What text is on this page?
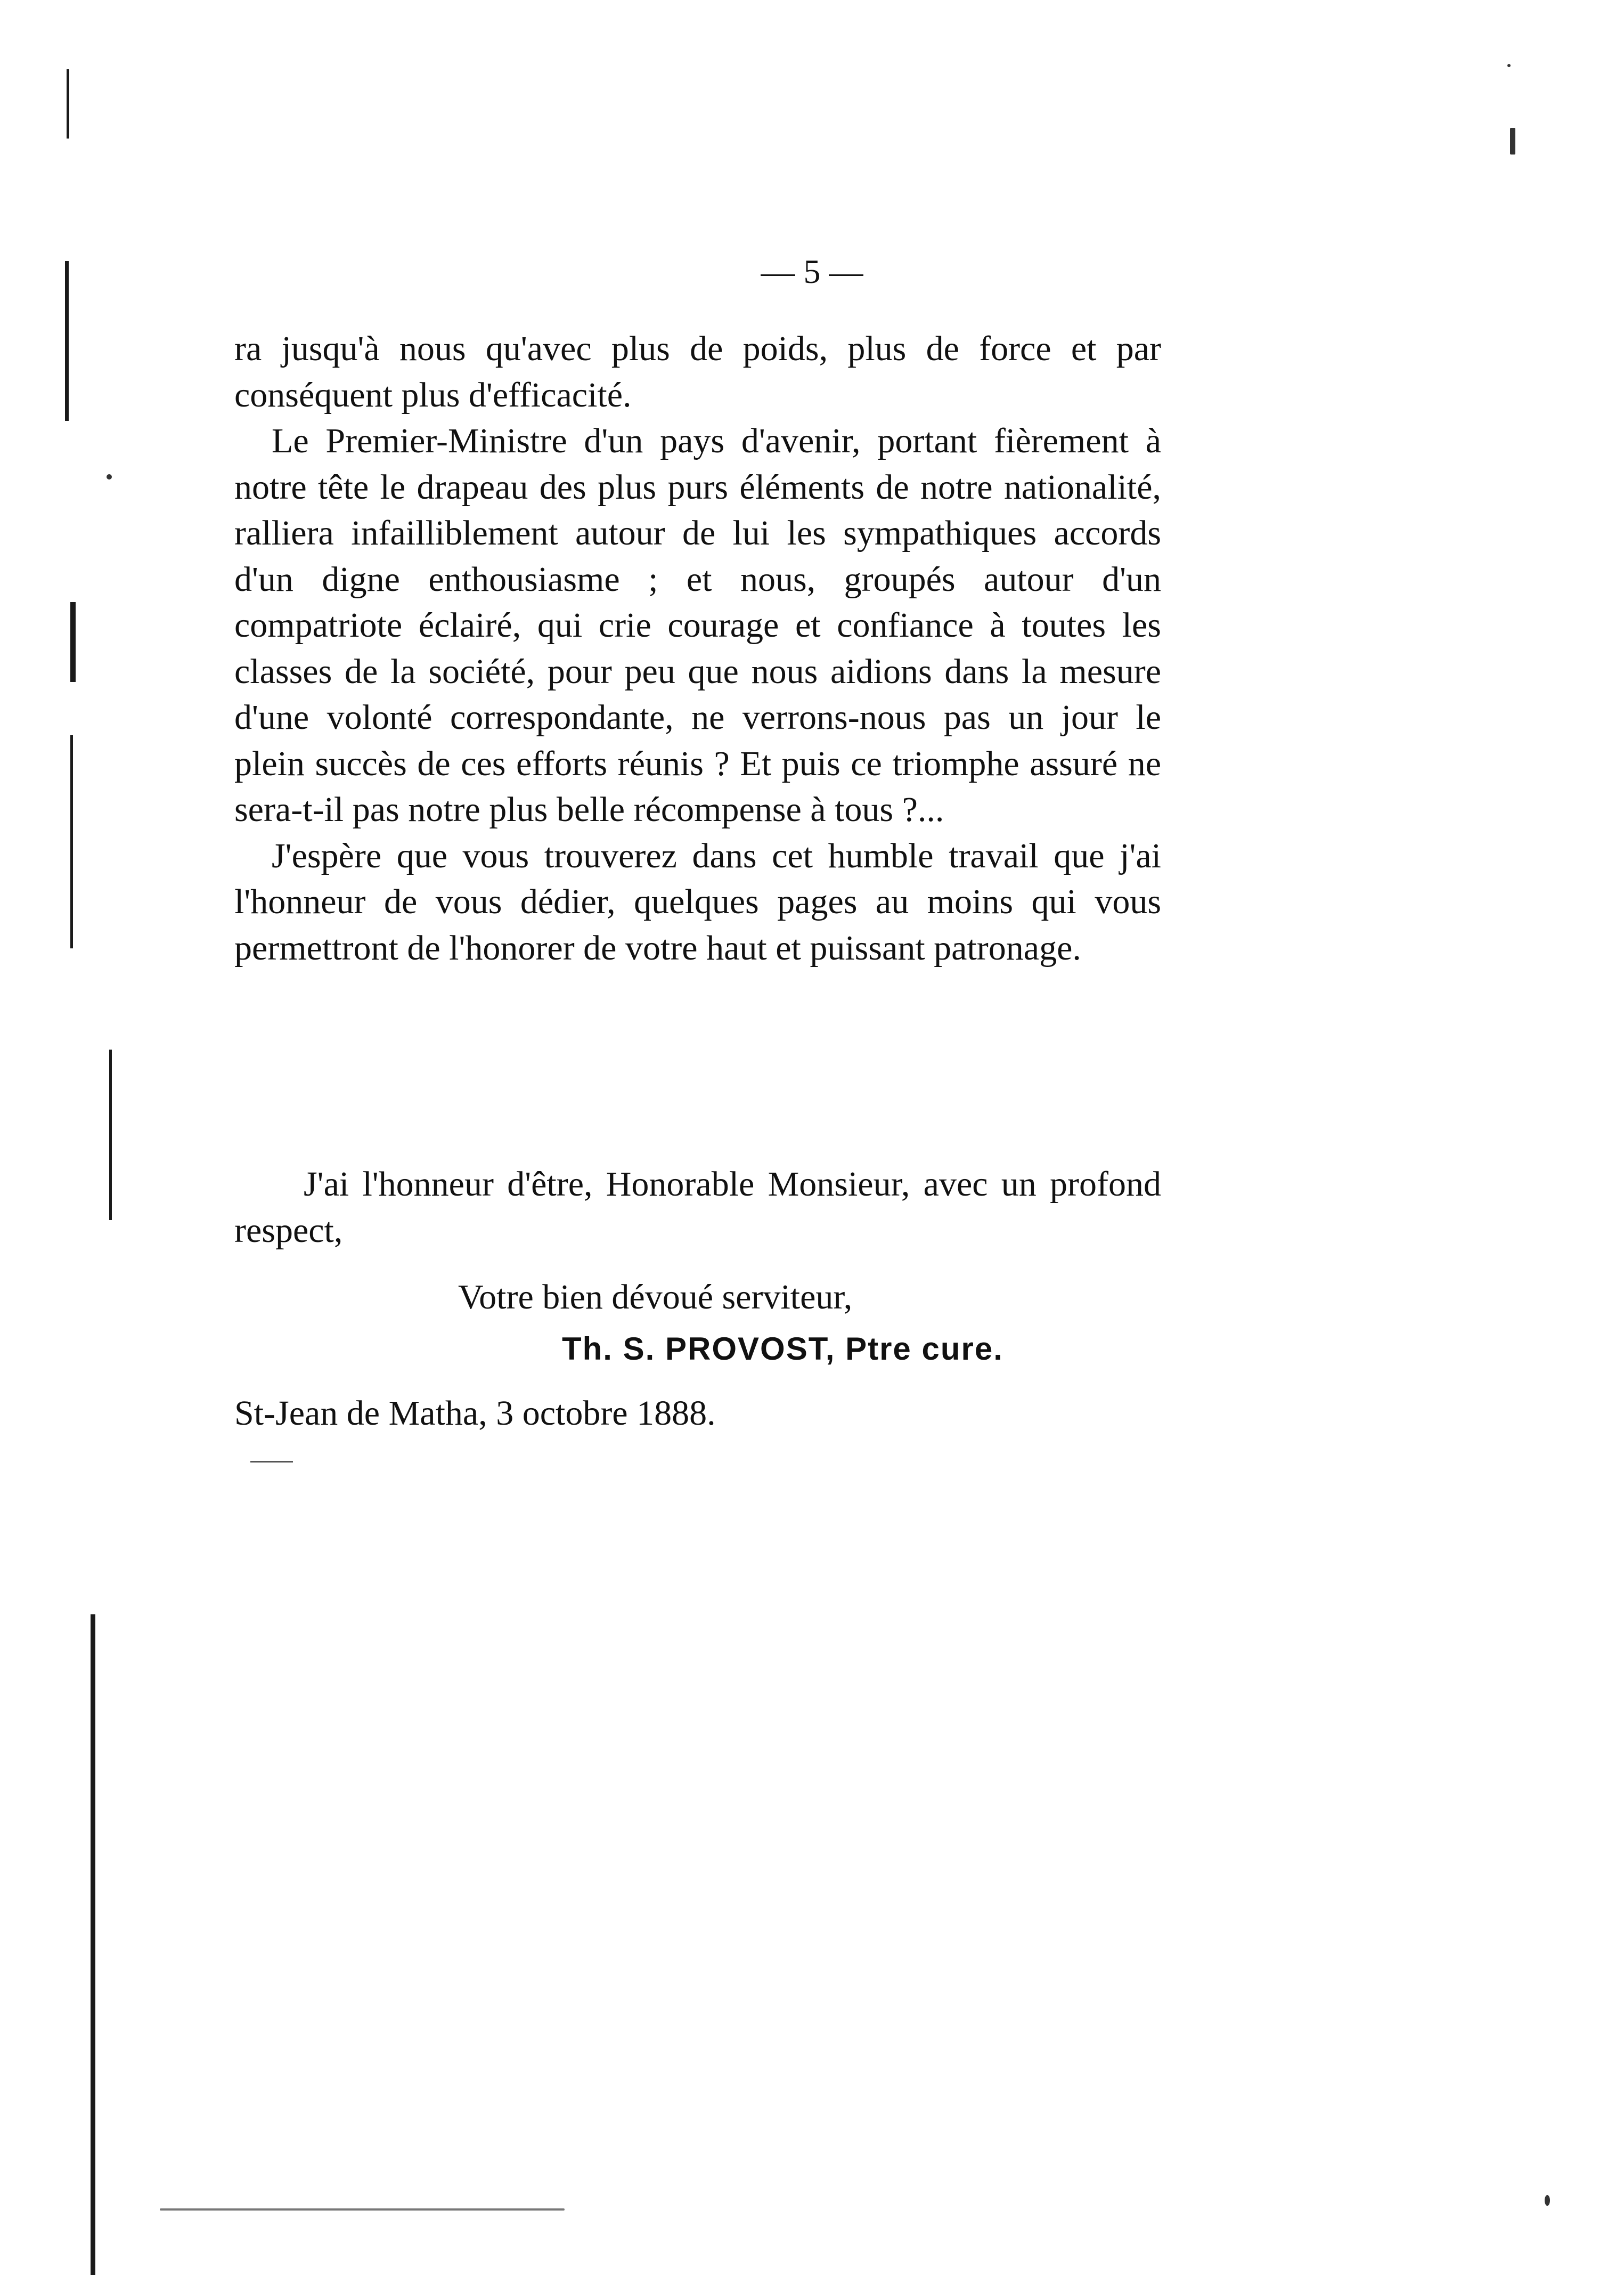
— 5 —

ra jusqu'à nous qu'avec plus de poids, plus de force et par conséquent plus d'efficacité.

Le Premier-Ministre d'un pays d'avenir, portant fièrement à notre tête le drapeau des plus purs éléments de notre nationalité, ralliera infailliblement autour de lui les sympathiques accords d'un digne enthousiasme ; et nous, groupés autour d'un compatriote éclairé, qui crie courage et confiance à toutes les classes de la société, pour peu que nous aidions dans la mesure d'une volonté correspondante, ne verrons-nous pas un jour le plein succès de ces efforts réunis ? Et puis ce triomphe assuré ne sera-t-il pas notre plus belle récompense à tous ?...

J'espère que vous trouverez dans cet humble travail que j'ai l'honneur de vous dédier, quelques pages au moins qui vous permettront de l'honorer de votre haut et puissant patronage.

J'ai l'honneur d'être, Honorable Monsieur, avec un profond respect,

Votre bien dévoué serviteur,
Th. S. PROVOST, Ptre cure.
St-Jean de Matha, 3 octobre 1888.
